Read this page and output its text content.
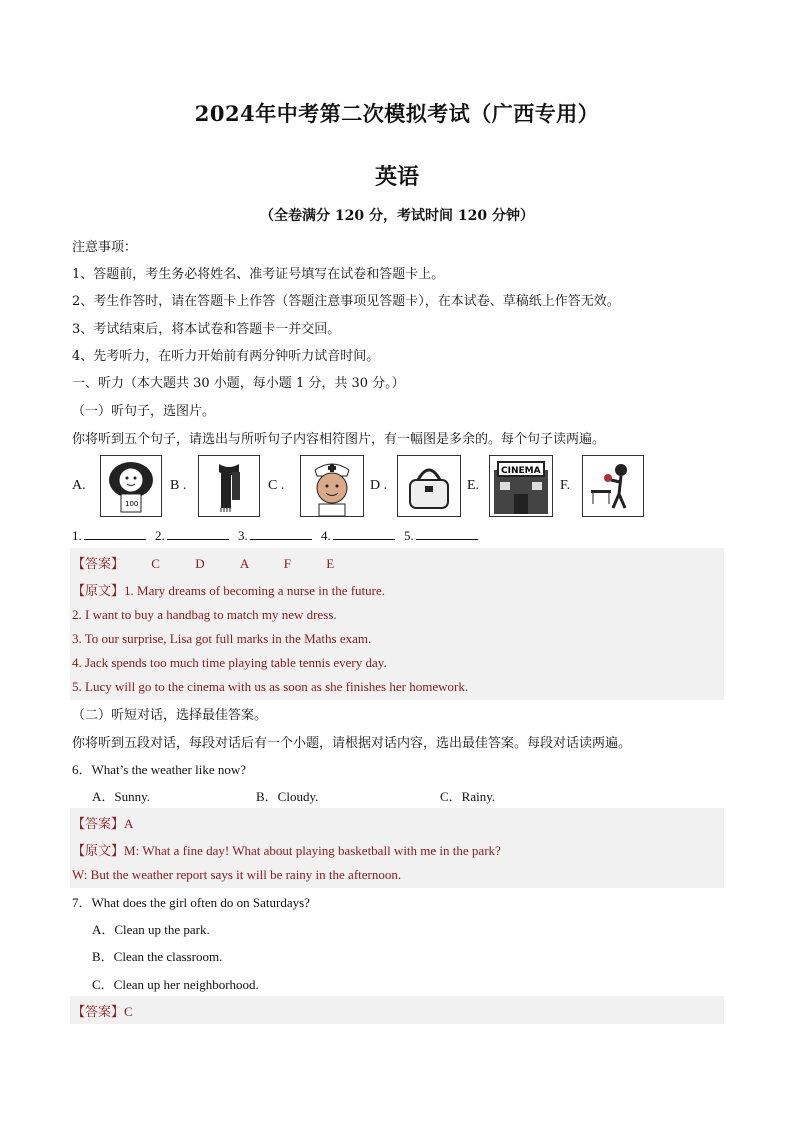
2024年中考第二次模拟考试（广西专用）
英语
（全卷满分 120 分，考试时间 120 分钟）
注意事项：
1、答题前，考生务必将姓名、准考证号填写在试卷和答题卡上。
2、考生作答时，请在答题卡上作答（答题注意事项见答题卡），在本试卷、草稿纸上作答无效。
3、考试结束后，将本试卷和答题卡一并交回。
4、先考听力，在听力开始前有两分钟听力试音时间。
一、听力（本大题共 30 小题，每小题 1 分，共 30 分。）
（一）听句子，选图片。
你将听到五个句子，请选出与所听句子内容相符图片，有一幅图是多余的。每个句子读两遍。
A.
100
B .	C .	D .	E.
CINEMA
F.
1.	2.	3.	4.	5.
【答案】 C	D	A	F	E
【原文】1. Mary dreams of becoming a nurse in the future.
2. I want to buy a handbag to match my new dress.
3. To our surprise, Lisa got full marks in the Maths exam.
4. Jack spends too much time playing table tennis every day.
5. Lucy will go to the cinema with us as soon as she finishes her homework.
（二）听短对话，选择最佳答案。
你将听到五段对话，每段对话后有一个小题，请根据对话内容，选出最佳答案。每段对话读两遍。
6．What’s the weather like now?
A．Sunny.	B．Cloudy.	C．Rainy.
【答案】A
【原文】M: What a fine day! What about playing basketball with me in the park?
W: But the weather report says it will be rainy in the afternoon.
7．What does the girl often do on Saturdays?
A．Clean up the park.
B．Clean the classroom.
C．Clean up her neighborhood.
【答案】C
